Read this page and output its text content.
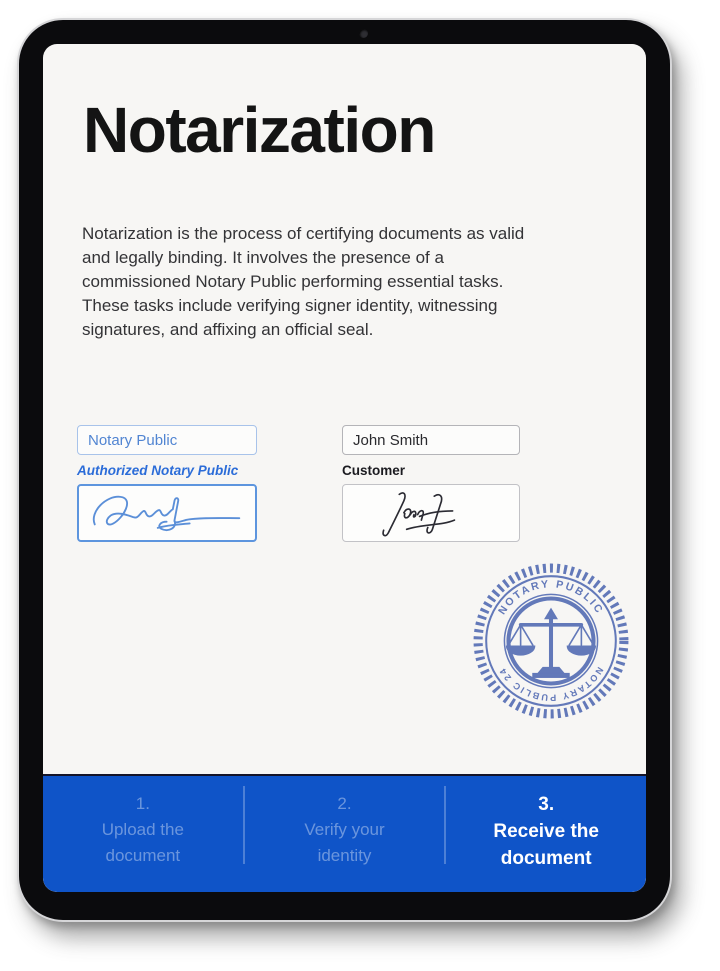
Notarization

Notarization is the process of certifying documents as valid and legally binding. It involves the presence of a commissioned Notary Public performing essential tasks. These tasks include verifying signer identity, witnessing signatures, and affixing an official seal.

Notary Public
Authorized Notary Public
John Smith
Customer
NOTARY PUBLIC
NOTARY PUBLIC 24
1.
Upload the document
2.
Verify your identity
3.
Receive the document
